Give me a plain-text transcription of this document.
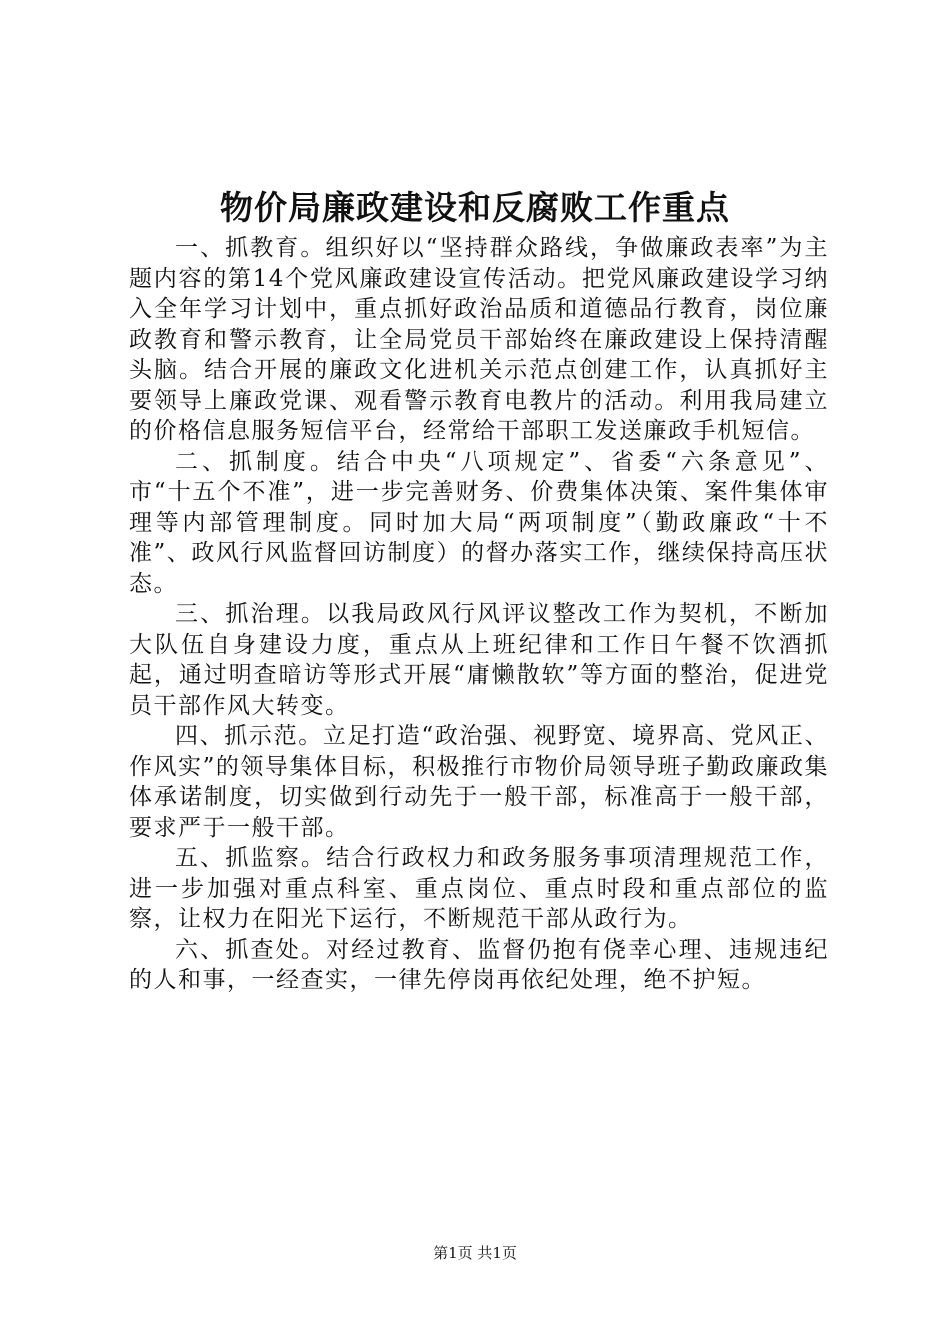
物价局廉政建设和反腐败工作重点

一、抓教育。组织好以“坚持群众路线，争做廉政表率”为主题内容的第14个党风廉政建设宣传活动。把党风廉政建设学习纳入全年学习计划中，重点抓好政治品质和道德品行教育，岗位廉政教育和警示教育，让全局党员干部始终在廉政建设上保持清醒头脑。结合开展的廉政文化进机关示范点创建工作，认真抓好主要领导上廉政党课、观看警示教育电教片的活动。利用我局建立的价格信息服务短信平台，经常给干部职工发送廉政手机短信。

二、抓制度。结合中央“八项规定”、省委“六条意见”、市“十五个不准”，进一步完善财务、价费集体决策、案件集体审理等内部管理制度。同时加大局“两项制度”（勤政廉政“十不准”、政风行风监督回访制度）的督办落实工作，继续保持高压状态。

三、抓治理。以我局政风行风评议整改工作为契机，不断加大队伍自身建设力度，重点从上班纪律和工作日午餐不饮酒抓起，通过明查暗访等形式开展“庸懒散软”等方面的整治，促进党员干部作风大转变。

四、抓示范。立足打造“政治强、视野宽、境界高、党风正、作风实”的领导集体目标，积极推行市物价局领导班子勤政廉政集体承诺制度，切实做到行动先于一般干部，标准高于一般干部，要求严于一般干部。

五、抓监察。结合行政权力和政务服务事项清理规范工作，进一步加强对重点科室、重点岗位、重点时段和重点部位的监察，让权力在阳光下运行，不断规范干部从政行为。

六、抓查处。对经过教育、监督仍抱有侥幸心理、违规违纪的人和事，一经查实，一律先停岗再依纪处理，绝不护短。

第1页 共1页
